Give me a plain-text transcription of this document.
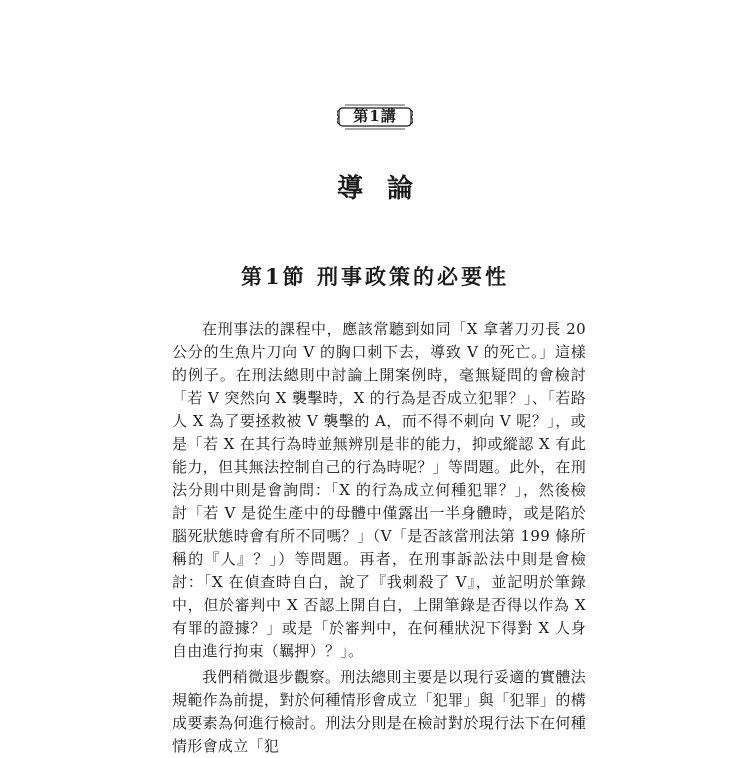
第1講
導論
第1節 刑事政策的必要性

在刑事法的課程中，應該常聽到如同「X 拿著刀刃長 20 公分的生魚片刀向 V 的胸口刺下去，導致 V 的死亡。」這樣的例子。在刑法總則中討論上開案例時，毫無疑問的會檢討「若 V 突然向 X 襲擊時，X 的行為是否成立犯罪？」、「若路人 X 為了要拯救被 V 襲擊的 A，而不得不刺向 V 呢？」，或是「若 X 在其行為時並無辨別是非的能力，抑或縱認 X 有此能力，但其無法控制自己的行為時呢？」等問題。此外，在刑法分則中則是會詢問：「X 的行為成立何種犯罪？」，然後檢討「若 V 是從生產中的母體中僅露出一半身體時，或是陷於腦死狀態時會有所不同嗎？」（V「是否該當刑法第 199 條所稱的『人』？」）等問題。再者，在刑事訴訟法中則是會檢討：「X 在偵查時自白，說了『我刺殺了 V』，並記明於筆錄中，但於審判中 X 否認上開自白，上開筆錄是否得以作為 X 有罪的證據？」或是「於審判中，在何種狀況下得對 X 人身自由進行拘束（羈押）？」。

我們稍微退步觀察。刑法總則主要是以現行妥適的實體法規範作為前提，對於何種情形會成立「犯罪」與「犯罪」的構成要素為何進行檢討。刑法分則是在檢討對於現行法下在何種情形會成立「犯
